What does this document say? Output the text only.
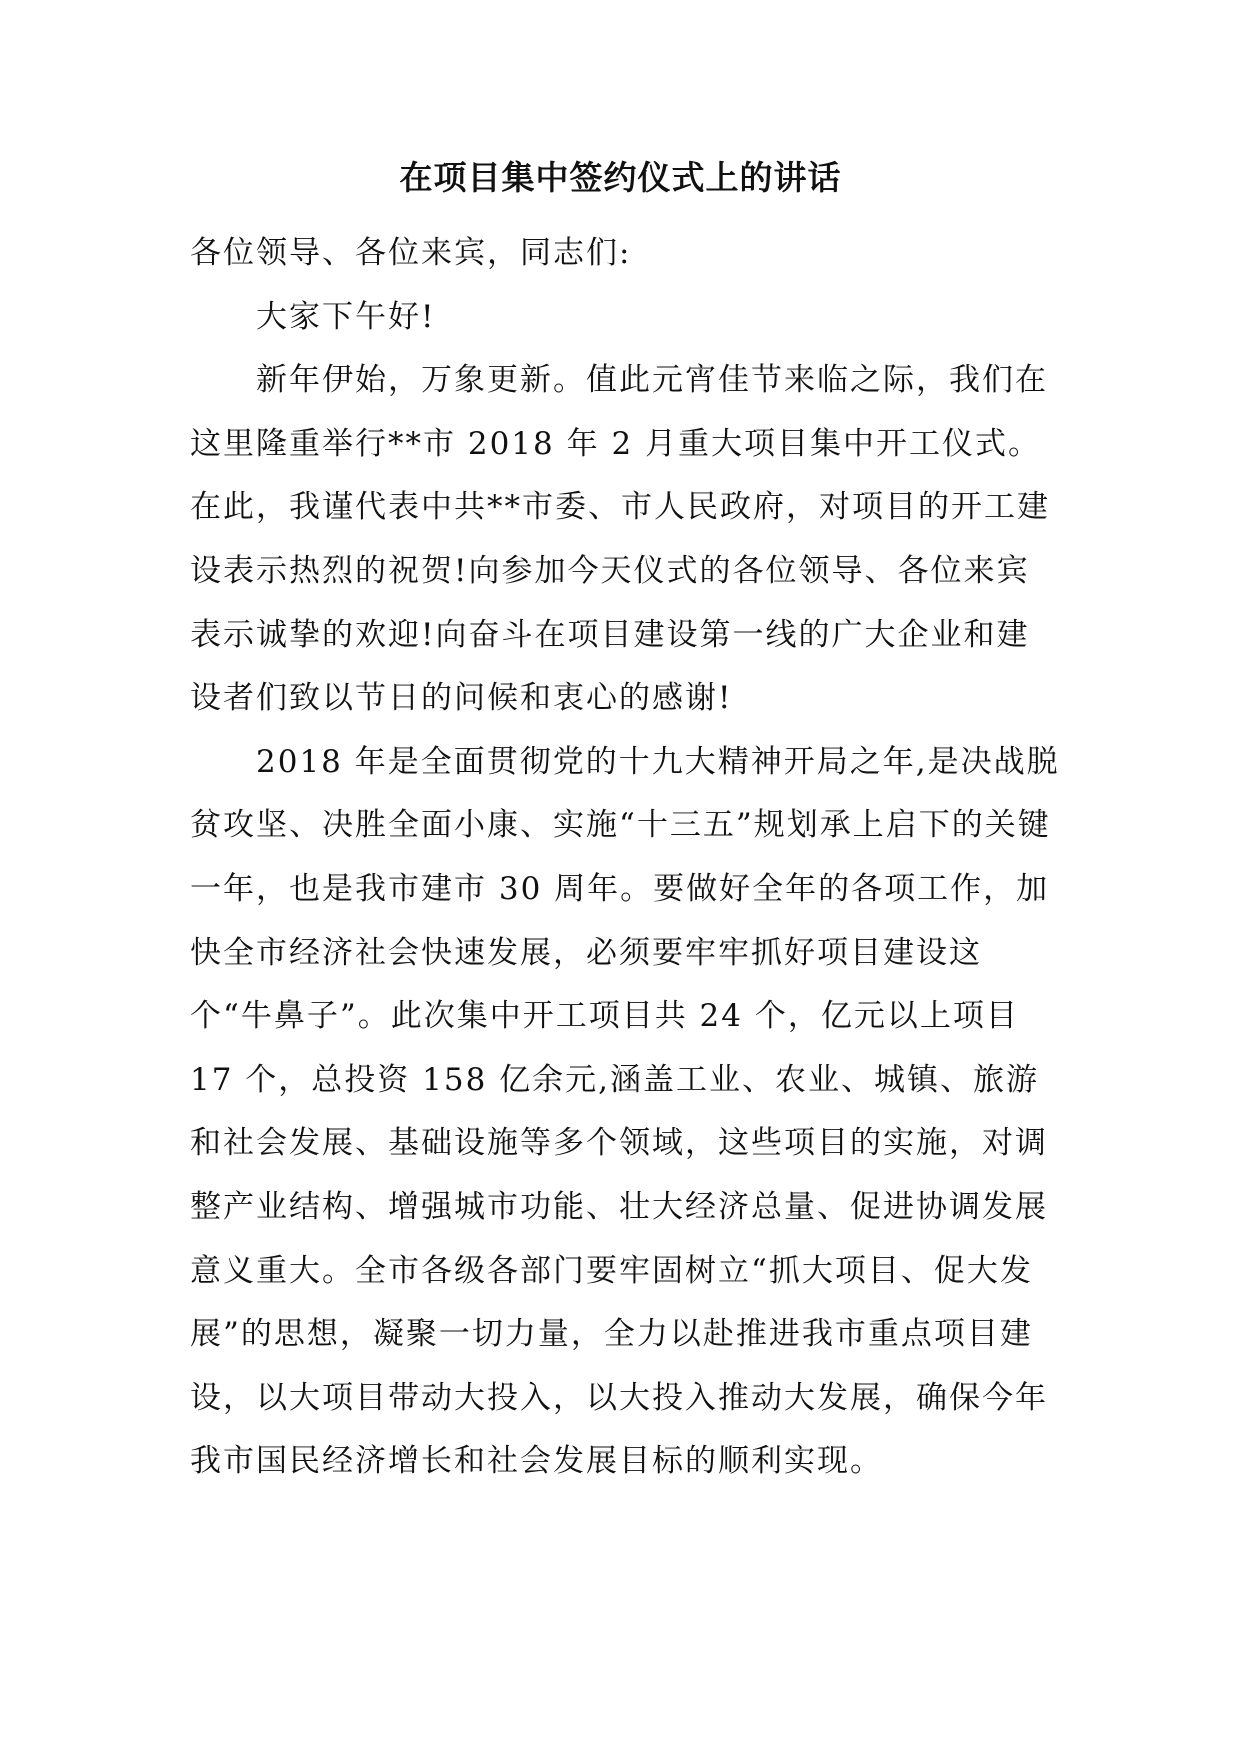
在项目集中签约仪式上的讲话

各位领导、各位来宾，同志们:

大家下午好!

新年伊始，万象更新。值此元宵佳节来临之际，我们在这里隆重举行**市 2018 年 2 月重大项目集中开工仪式。在此，我谨代表中共**市委、市人民政府，对项目的开工建设表示热烈的祝贺!向参加今天仪式的各位领导、各位来宾表示诚挚的欢迎!向奋斗在项目建设第一线的广大企业和建设者们致以节日的问候和衷心的感谢!

2018 年是全面贯彻党的十九大精神开局之年,是决战脱贫攻坚、决胜全面小康、实施“十三五”规划承上启下的关键一年，也是我市建市 30 周年。要做好全年的各项工作，加快全市经济社会快速发展，必须要牢牢抓好项目建设这个“牛鼻子”。此次集中开工项目共 24 个，亿元以上项目 17 个，总投资 158 亿余元,涵盖工业、农业、城镇、旅游和社会发展、基础设施等多个领域，这些项目的实施，对调整产业结构、增强城市功能、壮大经济总量、促进协调发展意义重大。全市各级各部门要牢固树立“抓大项目、促大发展”的思想，凝聚一切力量，全力以赴推进我市重点项目建设，以大项目带动大投入，以大投入推动大发展，确保今年我市国民经济增长和社会发展目标的顺利实现。
